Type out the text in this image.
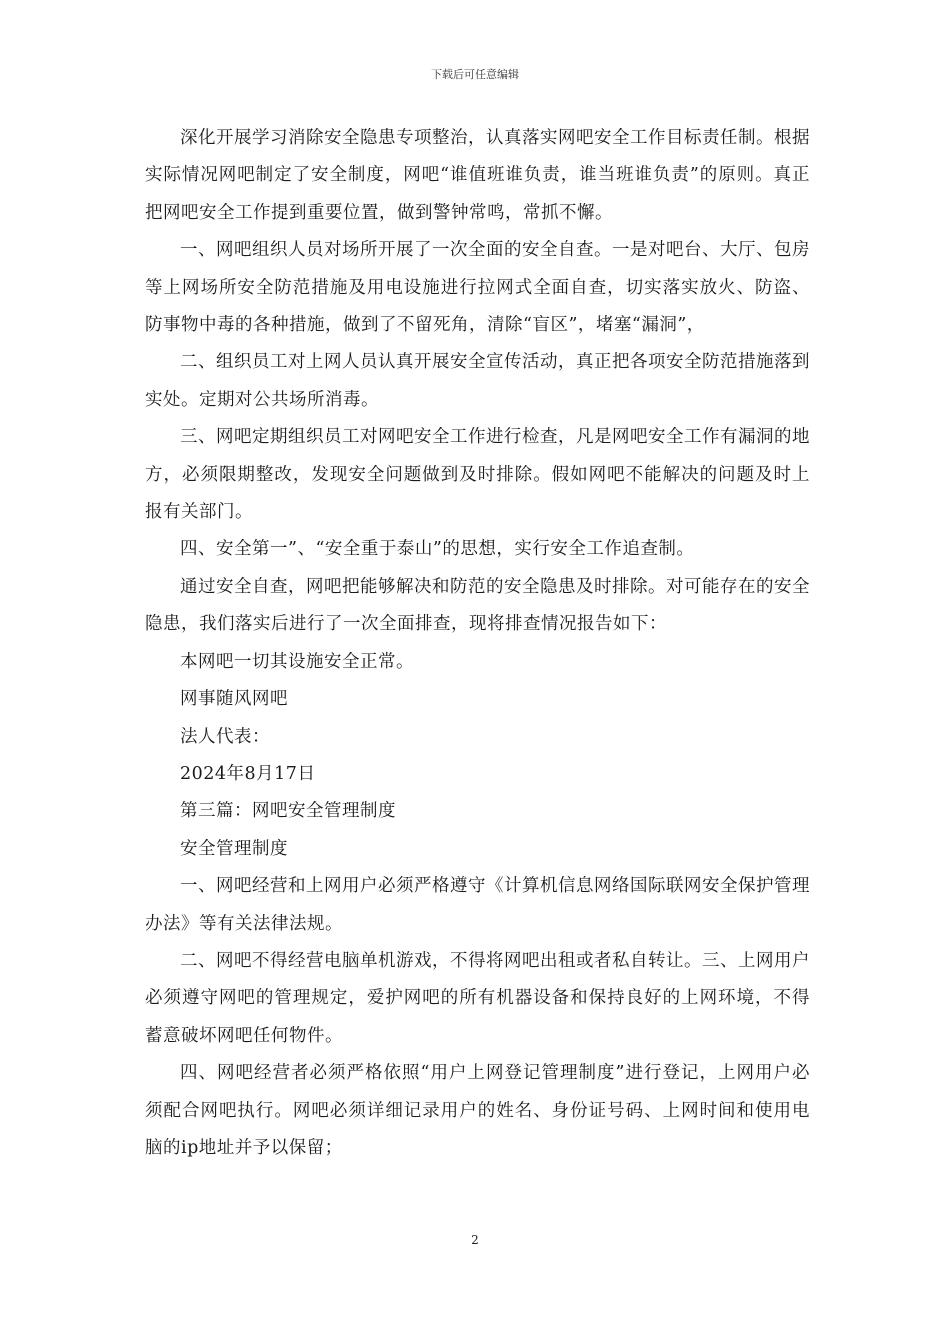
下载后可任意编辑

深化开展学习消除安全隐患专项整治，认真落实网吧安全工作目标责任制。根据实际情况网吧制定了安全制度，网吧“谁值班谁负责，谁当班谁负责”的原则。真正把网吧安全工作提到重要位置，做到警钟常鸣，常抓不懈。

一、网吧组织人员对场所开展了一次全面的安全自查。一是对吧台、大厅、包房等上网场所安全防范措施及用电设施进行拉网式全面自查，切实落实放火、防盗、防事物中毒的各种措施，做到了不留死角，清除“盲区”，堵塞“漏洞”，

二、组织员工对上网人员认真开展安全宣传活动，真正把各项安全防范措施落到实处。定期对公共场所消毒。

三、网吧定期组织员工对网吧安全工作进行检查，凡是网吧安全工作有漏洞的地方，必须限期整改，发现安全问题做到及时排除。假如网吧不能解决的问题及时上报有关部门。

四、安全第一”、“安全重于泰山”的思想，实行安全工作追查制。

通过安全自查，网吧把能够解决和防范的安全隐患及时排除。对可能存在的安全隐患，我们落实后进行了一次全面排查，现将排查情况报告如下：

本网吧一切其设施安全正常。

网事随风网吧

法人代表：

2024年8月17日

第三篇：网吧安全管理制度

安全管理制度

一、网吧经营和上网用户必须严格遵守《计算机信息网络国际联网安全保护管理办法》等有关法律法规。

二、网吧不得经营电脑单机游戏，不得将网吧出租或者私自转让。三、上网用户必须遵守网吧的管理规定，爱护网吧的所有机器设备和保持良好的上网环境，不得蓄意破坏网吧任何物件。

四、网吧经营者必须严格依照“用户上网登记管理制度”进行登记，上网用户必须配合网吧执行。网吧必须详细记录用户的姓名、身份证号码、上网时间和使用电脑的ip地址并予以保留；

2
